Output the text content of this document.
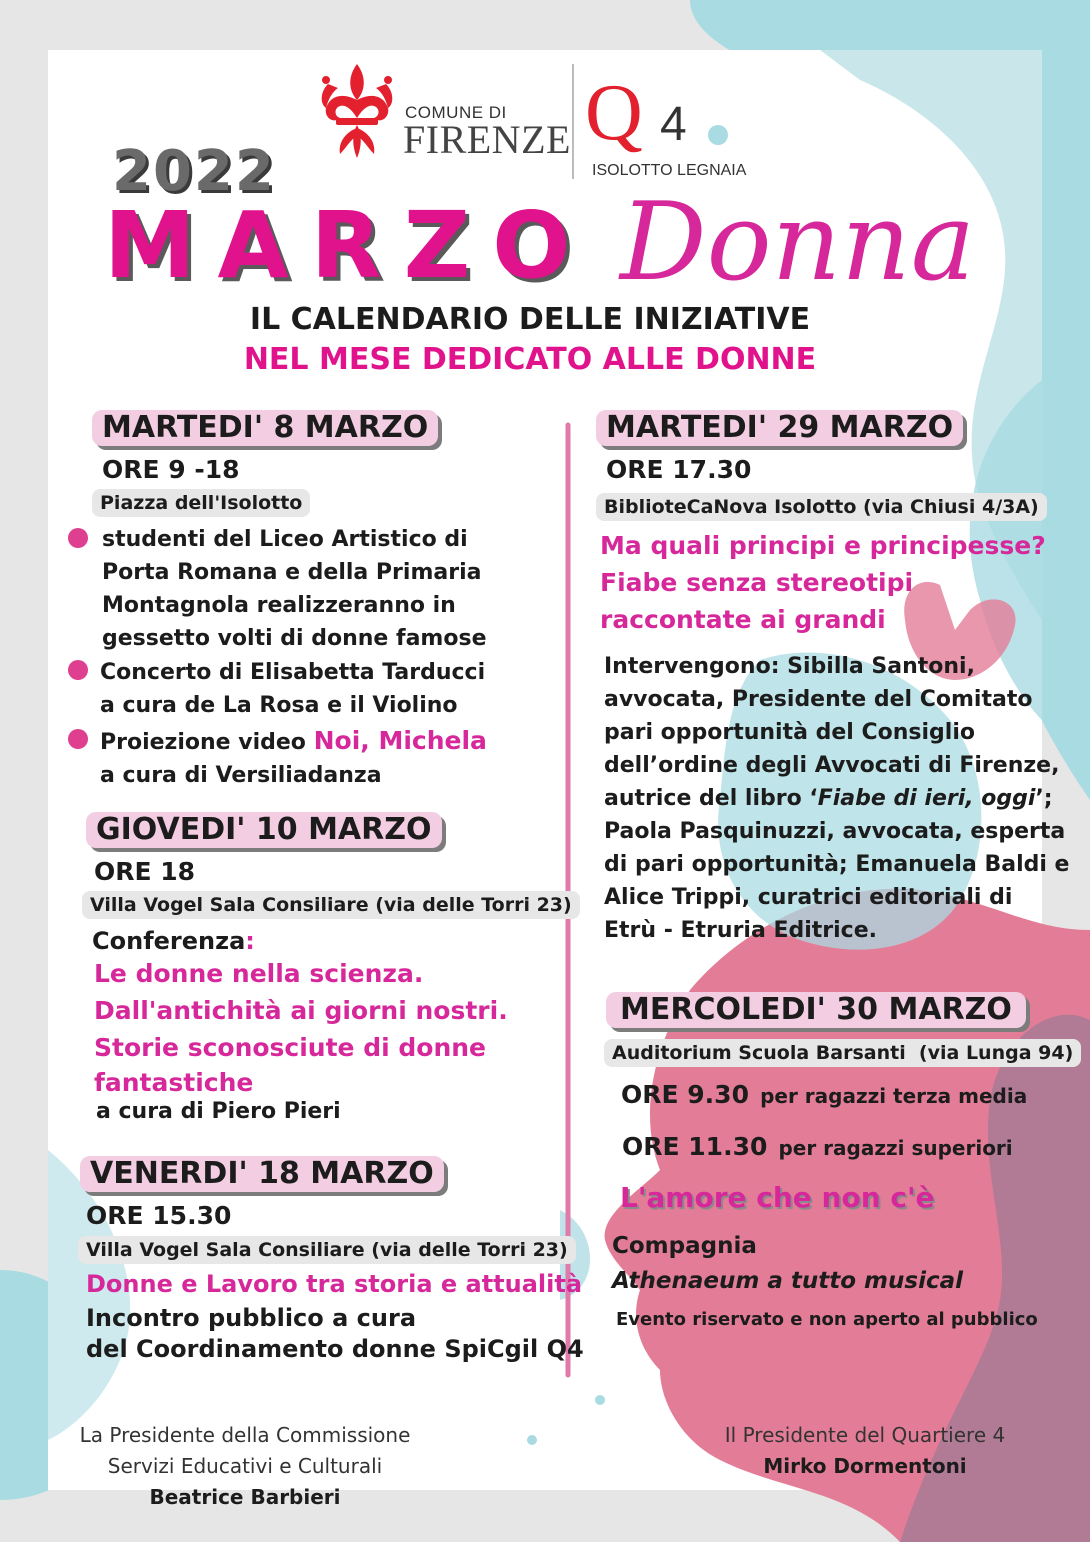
COMUNE DI
FIRENZE Q 4
ISOLOTTO LEGNAIA
2022
MARZO Donna
IL CALENDARIO DELLE INIZIATIVE
NEL MESE DEDICATO ALLE DONNE
MARTEDI' 8 MARZO
ORE 9 -18
Piazza dell'Isolotto
studenti del Liceo Artistico di
Porta Romana e della Primaria
Montagnola realizzeranno in
gessetto volti di donne famose
Concerto di Elisabetta Tarducci
a cura de La Rosa e il Violino
Proiezione video Noi, Michela
a cura di Versiliadanza
GIOVEDI' 10 MARZO
ORE 18
Villa Vogel Sala Consiliare (via delle Torri 23)
Conferenza:
Le donne nella scienza.
Dall'antichità ai giorni nostri.
Storie sconosciute di donne
fantastiche
a cura di Piero Pieri
VENERDI' 18 MARZO
ORE 15.30
Villa Vogel Sala Consiliare (via delle Torri 23)
Donne e Lavoro tra storia e attualità
Incontro pubblico a cura
del Coordinamento donne SpiCgil Q4
MARTEDI' 29 MARZO
ORE 17.30
BiblioteCaNova Isolotto (via Chiusi 4/3A)
Ma quali principi e principesse?
Fiabe senza stereotipi
raccontate ai grandi
Intervengono: Sibilla Santoni,
avvocata, Presidente del Comitato
pari opportunità del Consiglio
dell’ordine degli Avvocati di Firenze,
autrice del libro ‘Fiabe di ieri, oggi’;
Paola Pasquinuzzi, avvocata, esperta
di pari opportunità; Emanuela Baldi e
Alice Trippi, curatrici editoriali di
Etrù - Etruria Editrice.
MERCOLEDI' 30 MARZO
Auditorium Scuola Barsanti  (via Lunga 94)
ORE 9.30 per ragazzi terza media
ORE 11.30 per ragazzi superiori
L'amore che non c'è
Compagnia
Athenaeum a tutto musical
Evento riservato e non aperto al pubblico
La Presidente della Commissione
Servizi Educativi e Culturali
Beatrice Barbieri
Il Presidente del Quartiere 4
Mirko Dormentoni
